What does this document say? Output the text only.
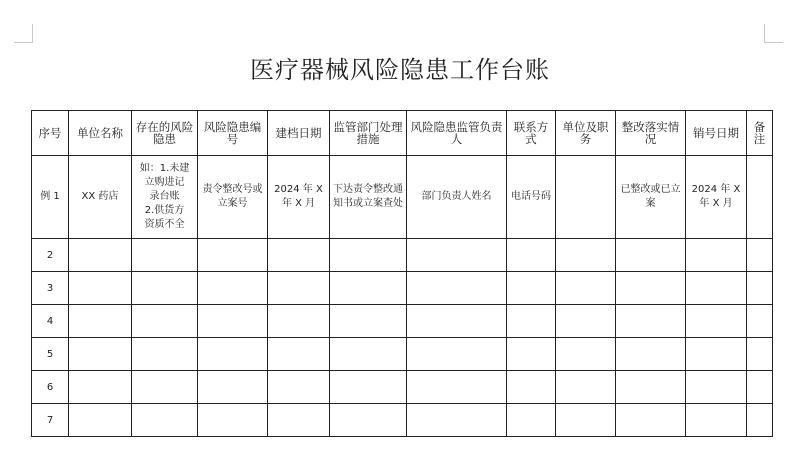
医疗器械风险隐患工作台账
序号	单位名称	存在的风险隐患	风险隐患编号	建档日期	监管部门处理措施	风险隐患监管负责人	联系方式	单位及职务	整改落实情况	销号日期	备注
例 1	XX 药店	如：1.未建
立购进记
录台账
2.供货方
资质不全	责令整改号或立案号	2024 年 X 年 X 月	下达责令整改通知书或立案查处	部门负责人姓名	电话号码		已整改或已立案	2024 年 X 年 X 月	
2											
3											
4											
5											
6											
7											
